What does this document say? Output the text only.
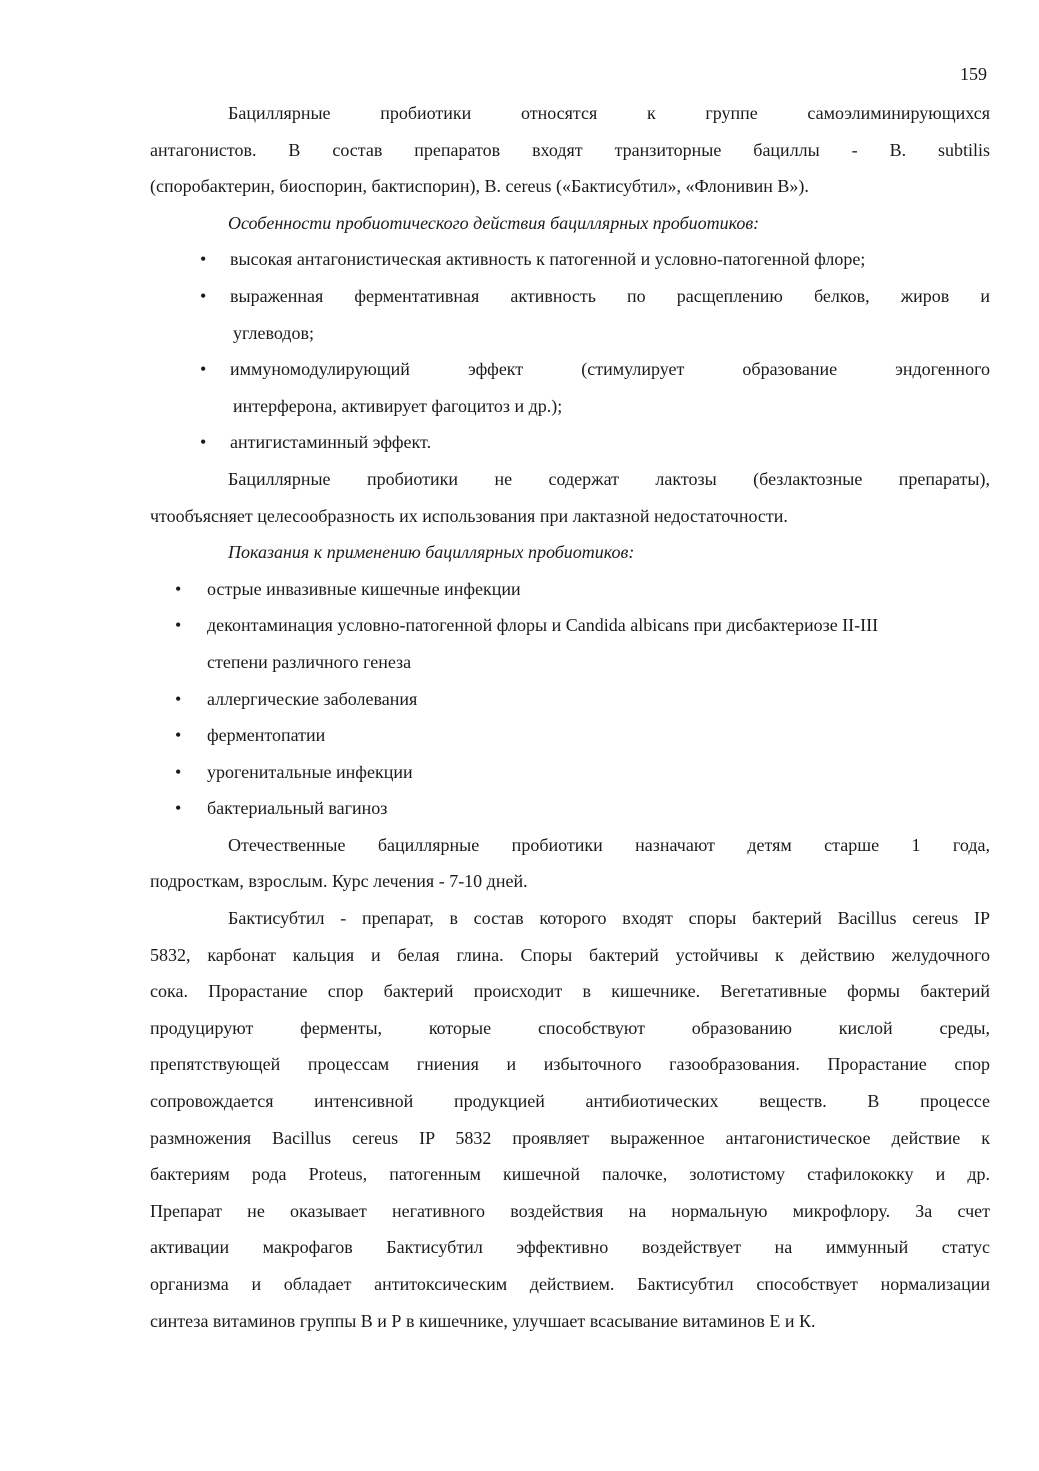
159

Бациллярные пробиотики относятся к группе самоэлиминирующихся
антагонистов. В состав препаратов входят транзиторные бациллы - B. subtilis
(споробактерин, биоспорин, бактиспорин), B. cereus («Бактисубтил», «Флонивин В»).

Особенности пробиотического действия бациллярных пробиотиков:

• высокая антагонистическая активность к патогенной и условно-патогенной флоре;
• выраженная ферментативная активность по расщеплению белков, жиров и
углеводов;
• иммуномодулирующий эффект (стимулирует образование эндогенного
интерферона, активирует фагоцитоз и др.);
• антигистаминный эффект.

Бациллярные пробиотики не содержат лактозы (безлактозные препараты),
чтообъясняет целесообразность их использования при лактазной недостаточности.

Показания к применению бациллярных пробиотиков:

• острые инвазивные кишечные инфекции
• деконтаминация условно-патогенной флоры и Candida albicans при дисбактериозе II-III
степени различного генеза
• аллергические заболевания
• ферментопатии
• урогенитальные инфекции
• бактериальный вагиноз

Отечественные бациллярные пробиотики назначают детям старше 1 года,
подросткам, взрослым. Курс лечения - 7-10 дней.

Бактисубтил - препарат, в состав которого входят споры бактерий Bacillus cereus IP
5832, карбонат кальция и белая глина. Споры бактерий устойчивы к действию желудочного
сока. Прорастание спор бактерий происходит в кишечнике. Вегетативные формы бактерий
продуцируют ферменты, которые способствуют образованию кислой среды,
препятствующей процессам гниения и избыточного газообразования. Прорастание спор
сопровождается интенсивной продукцией антибиотических веществ. В процессе
размножения Bacillus cereus IP 5832 проявляет выраженное антагонистическое действие к
бактериям рода Proteus, патогенным кишечной палочке, золотистому стафилококку и др.
Препарат не оказывает негативного воздействия на нормальную микрофлору. За счет
активации макрофагов Бактисубтил эффективно воздействует на иммунный статус
организма и обладает антитоксическим действием. Бактисубтил способствует нормализации
синтеза витаминов группы В и Р в кишечнике, улучшает всасывание витаминов Е и К.
